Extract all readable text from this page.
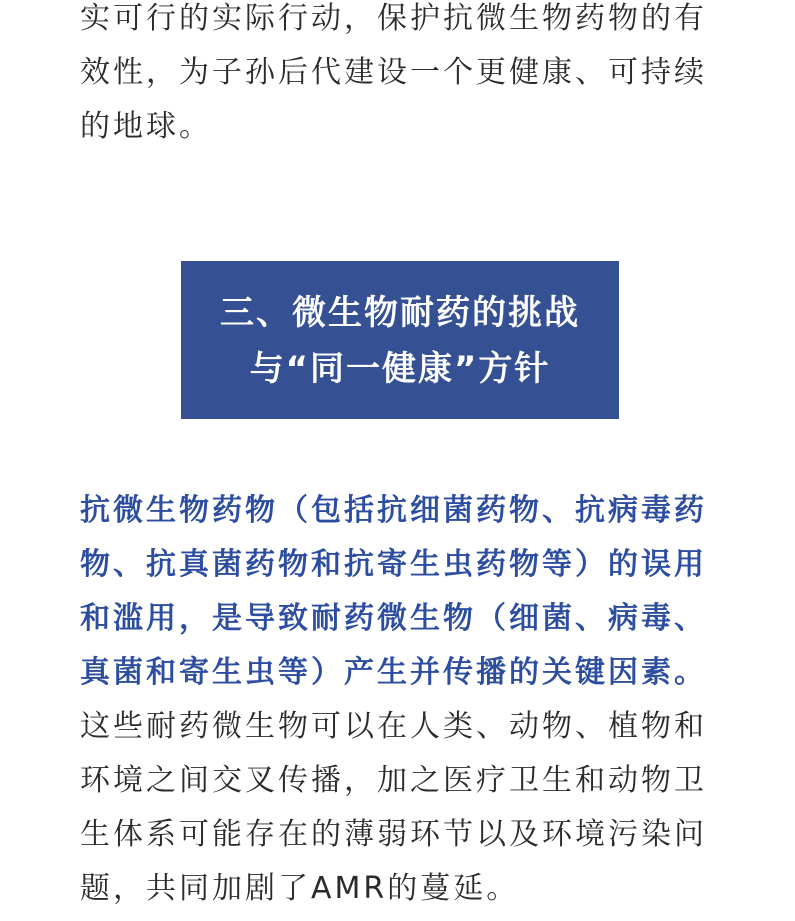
实可行的实际行动，保护抗微生物药物的有
效性，为子孙后代建设一个更健康、可持续
的地球。
三、微生物耐药的挑战
与“同一健康”方针
抗微生物药物（包括抗细菌药物、抗病毒药
物、抗真菌药物和抗寄生虫药物等）的误用
和滥用，是导致耐药微生物（细菌、病毒、
真菌和寄生虫等）产生并传播的关键因素。
这些耐药微生物可以在人类、动物、植物和
环境之间交叉传播，加之医疗卫生和动物卫
生体系可能存在的薄弱环节以及环境污染问
题，共同加剧了AMR的蔓延。
